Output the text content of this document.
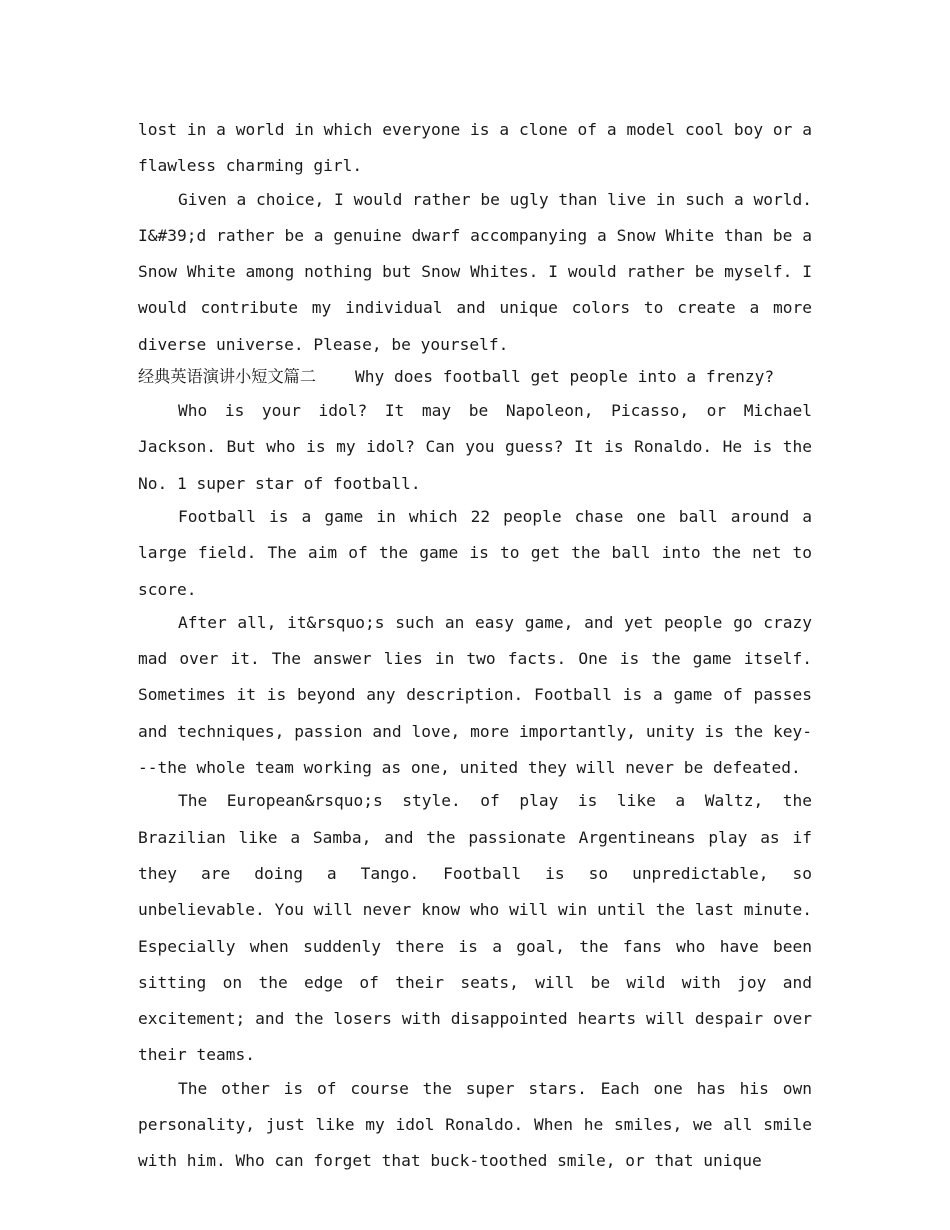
lost in a world in which everyone is a clone of a model cool boy or a flawless charming girl.

Given a choice, I would rather be ugly than live in such a world. I&#39;d rather be a genuine dwarf accompanying a Snow White than be a Snow White among nothing but Snow Whites. I would rather be myself. I would contribute my individual and unique colors to create a more diverse universe. Please, be yourself.

经典英语演讲小短文篇二 Why does football get people into a frenzy?

Who is your idol? It may be Napoleon, Picasso, or Michael Jackson. But who is my idol? Can you guess? It is Ronaldo. He is the No. 1 super star of football.

Football is a game in which 22 people chase one ball around a large field. The aim of the game is to get the ball into the net to score.

After all, it&rsquo;s such an easy game, and yet people go crazy mad over it. The answer lies in two facts. One is the game itself. Sometimes it is beyond any description. Football is a game of passes and techniques, passion and love, more importantly, unity is the key---the whole team working as one, united they will never be defeated.

The European&rsquo;s style. of play is like a Waltz, the Brazilian like a Samba, and the passionate Argentineans play as if they are doing a Tango. Football is so unpredictable, so unbelievable. You will never know who will win until the last minute. Especially when suddenly there is a goal, the fans who have been sitting on the edge of their seats, will be wild with joy and excitement; and the losers with disappointed hearts will despair over their teams.

The other is of course the super stars. Each one has his own personality, just like my idol Ronaldo. When he smiles, we all smile with him. Who can forget that buck-toothed smile, or that unique
